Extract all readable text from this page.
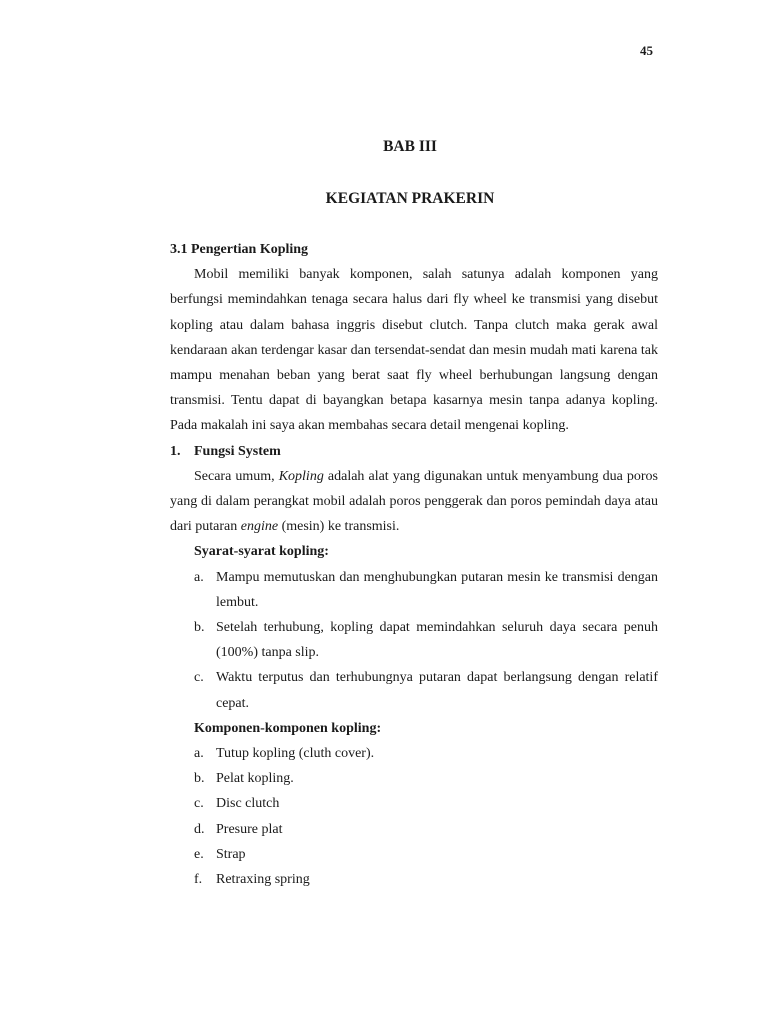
45
BAB III
KEGIATAN PRAKERIN

3.1 Pengertian Kopling

Mobil memiliki banyak komponen, salah satunya adalah komponen yang berfungsi memindahkan tenaga secara halus dari fly wheel ke transmisi yang disebut kopling atau dalam bahasa inggris disebut clutch. Tanpa clutch maka gerak awal kendaraan akan terdengar kasar dan tersendat-sendat dan mesin mudah mati karena tak mampu menahan beban yang berat saat fly wheel berhubungan langsung dengan transmisi. Tentu dapat di bayangkan betapa kasarnya mesin tanpa adanya kopling. Pada makalah ini saya akan membahas secara detail mengenai kopling.

1. Fungsi System

Secara umum, Kopling adalah alat yang digunakan untuk menyambung dua poros yang di dalam perangkat mobil adalah poros penggerak dan poros pemindah daya atau dari putaran engine (mesin) ke transmisi.

Syarat-syarat kopling:

a. Mampu memutuskan dan menghubungkan putaran mesin ke transmisi dengan lembut.
b. Setelah terhubung, kopling dapat memindahkan seluruh daya secara penuh (100%) tanpa slip.
c. Waktu terputus dan terhubungnya putaran dapat berlangsung dengan relatif cepat.

Komponen-komponen kopling:

a. Tutup kopling (cluth cover).
b. Pelat kopling.
c. Disc clutch
d. Presure plat
e. Strap
f. Retraxing spring
